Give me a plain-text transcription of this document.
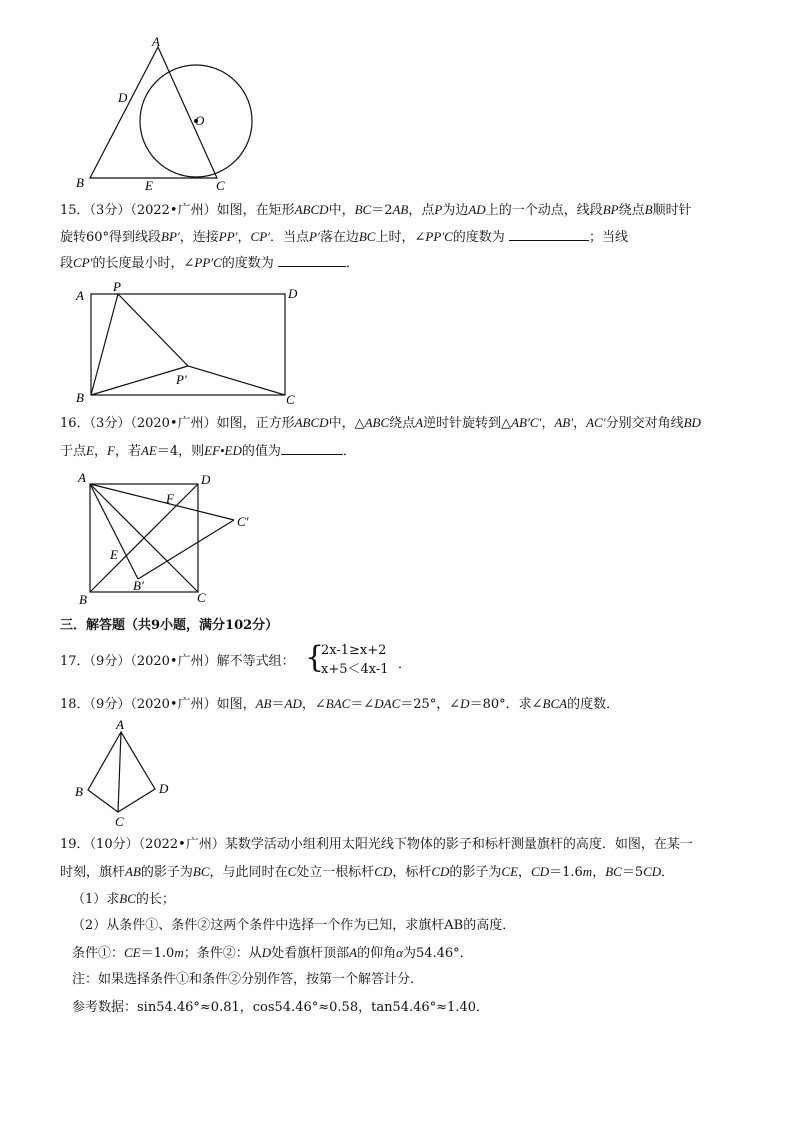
A
D
O
B	E	C
15．（3分）（2022•广州）如图，在矩形ABCD中，BC＝2AB，点P为边AD上的一个动点，线段BP绕点B顺时针
旋转60°得到线段BP′，连接PP′，CP′．当点P′落在边BC上时，∠PP′C的度数为	；当线
段CP′的长度最小时，∠PP′C的度数为	．
A
P	D
P′
B	C
16．（3分）（2020•广州）如图，正方形ABCD中，△ABC绕点A逆时针旋转到△AB′C′，AB′，AC′分别交对角线BD
于点E，F，若AE＝4，则EF•ED的值为	．
A	D
F
C′
E
B′
B	C
三．解答题（共9小题，满分102分）
17．（9分）（2020•广州）解不等式组： {
2x-1≥x+2
x+5＜4x-1 ．
18．（9分）（2020•广州）如图，AB＝AD，∠BAC＝∠DAC＝25°，∠D＝80°．求∠BCA的度数．
A
B
C
D
19．（10分）（2022•广州）某数学活动小组利用太阳光线下物体的影子和标杆测量旗杆的高度．如图，在某一
时刻，旗杆AB的影子为BC，与此同时在C处立一根标杆CD，标杆CD的影子为CE，CD＝1.6m，BC＝5CD．
（1）求BC的长；
（2）从条件①、条件②这两个条件中选择一个作为已知，求旗杆AB的高度．
条件①：CE＝1.0m；条件②：从D处看旗杆顶部A的仰角α为54.46°．
注：如果选择条件①和条件②分别作答，按第一个解答计分．
参考数据：sin54.46°≈0.81，cos54.46°≈0.58，tan54.46°≈1.40．
